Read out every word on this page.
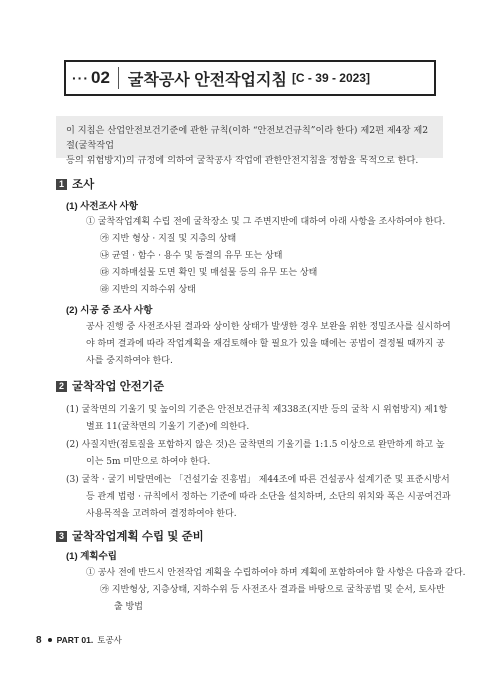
··· 02 굴착공사 안전작업지침 [C - 39 - 2023]
이 지침은 산업안전보건기준에 관한 규칙(이하 “안전보건규칙”이라 한다) 제2편 제4장 제2절(굴착작업
등의 위험방지)의 규정에 의하여 굴착공사 작업에 관한안전지침을 정함을 목적으로 한다.
1 조사
(1) 사전조사 사항
① 굴착작업계획 수립 전에 굴착장소 및 그 주변지반에 대하여 아래 사항을 조사하여야 한다.
㉮ 지반 형상 · 지질 및 지층의 상태
㉯ 균열 · 함수 · 용수 및 동결의 유무 또는 상태
㉰ 지하매설물 도면 확인 및 매설물 등의 유무 또는 상태
㉱ 지반의 지하수위 상태
(2) 시공 중 조사 사항
공사 진행 중 사전조사된 결과와 상이한 상태가 발생한 경우 보완을 위한 정밀조사를 실시하여
야 하며 결과에 따라 작업계획을 재검토해야 할 필요가 있을 때에는 공법이 결정될 때까지 공
사를 중지하여야 한다.
2 굴착작업 안전기준
(1) 굴착면의 기울기 및 높이의 기준은 안전보건규칙 제338조(지반 등의 굴착 시 위험방지) 제1항
별표 11(굴착면의 기울기 기준)에 의한다.
(2) 사질지반(점토질을 포함하지 않은 것)은 굴착면의 기울기를 1:1.5 이상으로 완만하게 하고 높
이는 5m 미만으로 하여야 한다.
(3) 굴착 · 굴기 비탈면에는 「건설기술 진흥법」 제44조에 따른 건설공사 설계기준 및 표준시방서
등 관계 법령 · 규칙에서 정하는 기준에 따라 소단을 설치하며, 소단의 위치와 폭은 시공여건과
사용목적을 고려하여 결정하여야 한다.
3 굴착작업계획 수립 및 준비
(1) 계획수립
① 공사 전에 반드시 안전작업 계획을 수립하여야 하며 계획에 포함하여야 할 사항은 다음과 같다.
㉮ 지반형상, 지층상태, 지하수위 등 사전조사 결과를 바탕으로 굴착공법 및 순서, 토사반
출 방법
8 PART 01. 토공사
